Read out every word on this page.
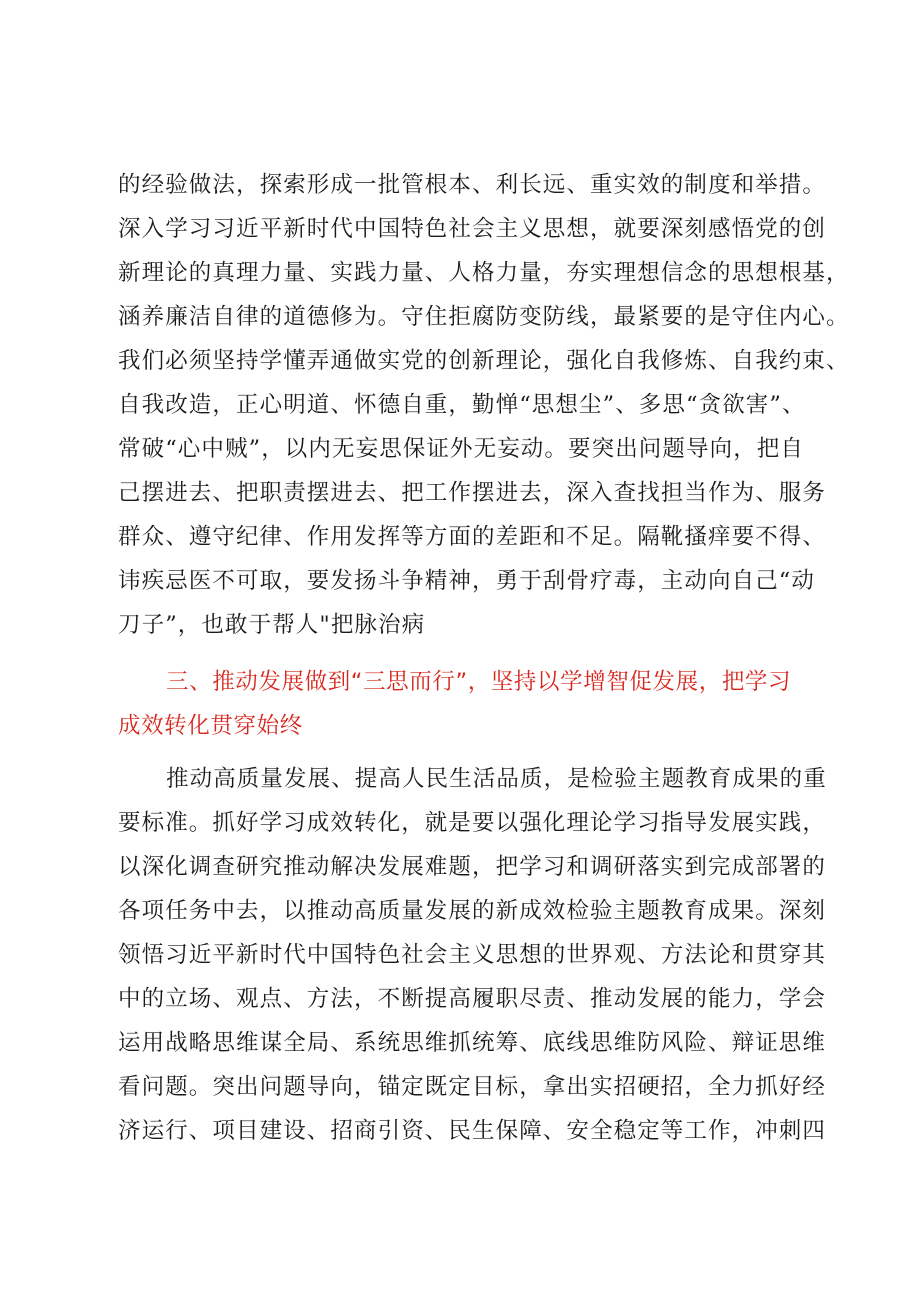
的经验做法，探索形成一批管根本、利长远、重实效的制度和举措。

深入学习习近平新时代中国特色社会主义思想，就要深刻感悟党的创

新理论的真理力量、实践力量、人格力量，夯实理想信念的思想根基，

涵养廉洁自律的道德修为。守住拒腐防变防线，最紧要的是守住内心。

我们必须坚持学懂弄通做实党的创新理论，强化自我修炼、自我约束、

自我改造，正心明道、怀德自重，勤惮“思想尘”、多思“贪欲害”、

常破“心中贼”，以内无妄思保证外无妄动。要突出问题导向，把自

己摆进去、把职责摆进去、把工作摆进去，深入查找担当作为、服务

群众、遵守纪律、作用发挥等方面的差距和不足。隔靴搔痒要不得、

讳疾忌医不可取，要发扬斗争精神，勇于刮骨疗毒，主动向自己“动

刀子”，也敢于帮人"把脉治病

三、推动发展做到“三思而行”，坚持以学增智促发展，把学习

成效转化贯穿始终

推动高质量发展、提高人民生活品质，是检验主题教育成果的重

要标准。抓好学习成效转化，就是要以强化理论学习指导发展实践，

以深化调查研究推动解决发展难题，把学习和调研落实到完成部署的

各项任务中去，以推动高质量发展的新成效检验主题教育成果。深刻

领悟习近平新时代中国特色社会主义思想的世界观、方法论和贯穿其

中的立场、观点、方法，不断提高履职尽责、推动发展的能力，学会

运用战略思维谋全局、系统思维抓统筹、底线思维防风险、辩证思维

看问题。突出问题导向，锚定既定目标，拿出实招硬招，全力抓好经

济运行、项目建设、招商引资、民生保障、安全稳定等工作，冲刺四
